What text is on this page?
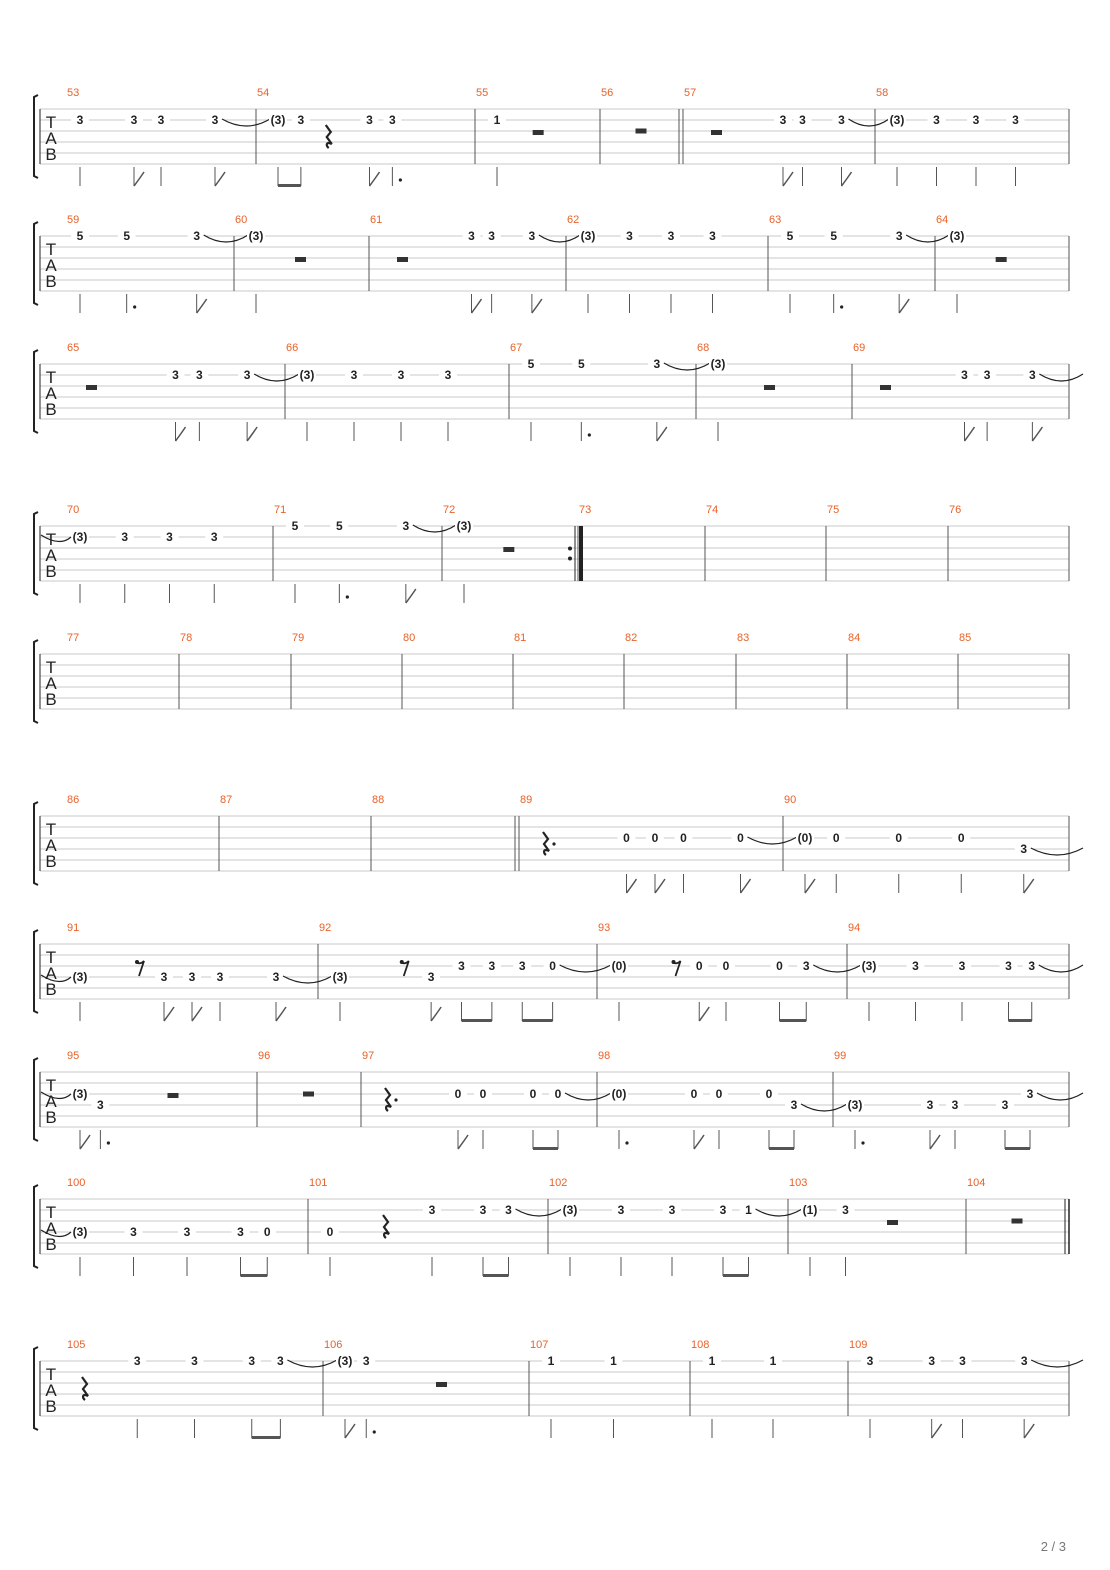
T
A
B
53
3	3 3	3
54
(3) 3	3 3
55
1
56	57
3 3	3
58
(3) 3	3	3
T
A
B
59
5	5	3
60
(3)
61
3 3	3
62
(3)	3	3	3
63
5	5	3
64
(3)
T
A
B
65
3 3	3
66
(3)	3	3	3
67
5	5	3
68
(3)
69
3 3	3
T
A
B
70
(3)	3	3	3
71
5	5	3
72
(3)
73	74	75	76
T
A
B
77	78	79	80	81	82	83	84	85
T
A
B
86	87	88	89
0 0 0	0
90
(0) 0	0	0
3
T
A
B
91
(3)	3 3 3	3
92
(3)	3
3 3 3 0
93
(0)	0 0	0 3
94
(3)	3	3	3 3
T
A
B
95
(3)
3
96	97
0 0	0 0
98
(0)	0 0	0
3
99
(3)	3 3	3
3
T
A
B
100
(3)	3	3	3 0
101
0
3	3 3
102
(3)	3	3	3 1
103
(1) 3
104
T
A
B
105
3	3	3 3
106
(3) 3
107
1	1
108
1	1
109
3	3 3	3
2 / 3
